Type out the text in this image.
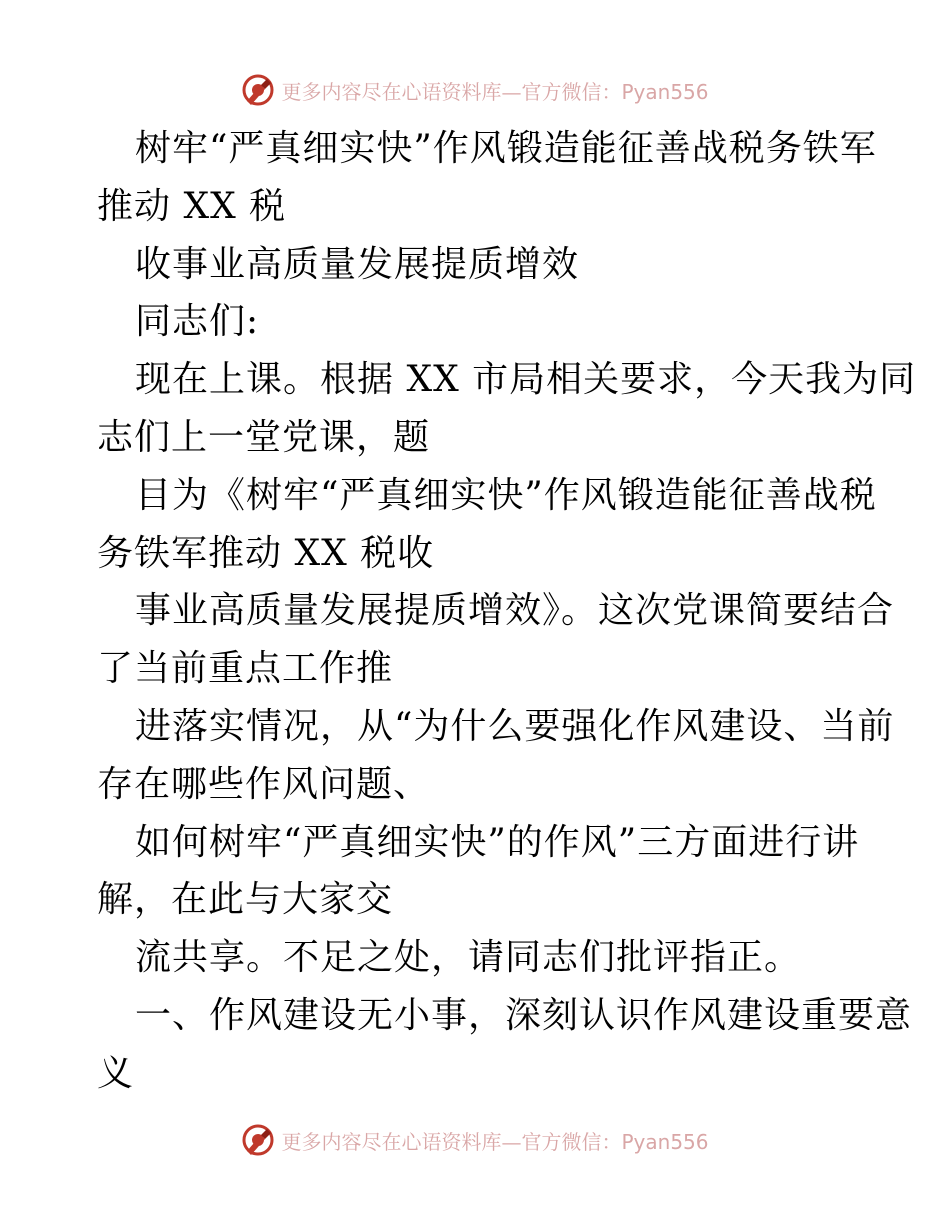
更多内容尽在心语资料库—官方微信：Pyan556
树牢“严真细实快”作风锻造能征善战税务铁军
推动 XX 税
收事业高质量发展提质增效
同志们:
现在上课。根据 XX 市局相关要求，今天我为同
志们上一堂党课，题
目为《树牢“严真细实快”作风锻造能征善战税
务铁军推动 XX 税收
事业高质量发展提质增效》。这次党课简要结合
了当前重点工作推
进落实情况，从“为什么要强化作风建设、当前
存在哪些作风问题、
如何树牢“严真细实快”的作风”三方面进行讲
解，在此与大家交
流共享。不足之处，请同志们批评指正。
一、作风建设无小事，深刻认识作风建设重要意
义
更多内容尽在心语资料库—官方微信：Pyan556
